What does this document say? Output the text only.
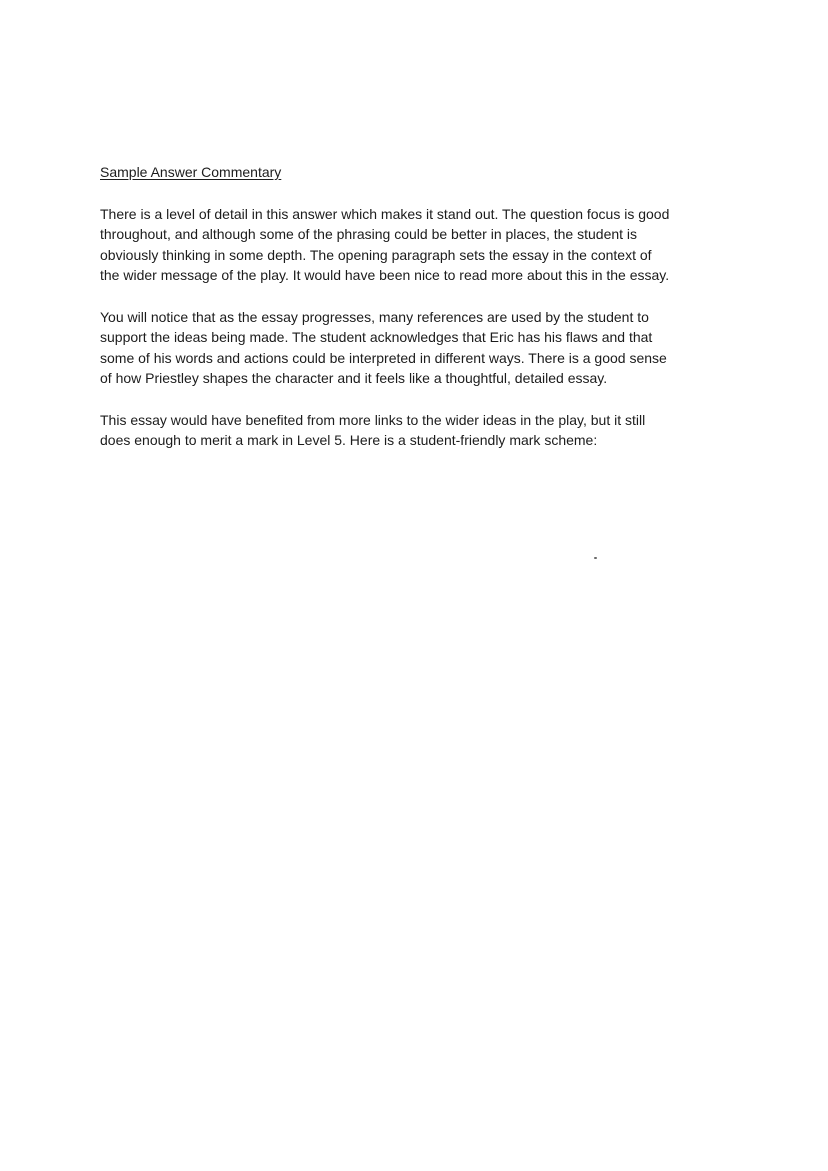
Sample Answer Commentary
There is a level of detail in this answer which makes it stand out. The question focus is good
throughout, and although some of the phrasing could be better in places, the student is
obviously thinking in some depth. The opening paragraph sets the essay in the context of
the wider message of the play. It would have been nice to read more about this in the essay.
You will notice that as the essay progresses, many references are used by the student to
support the ideas being made. The student acknowledges that Eric has his flaws and that
some of his words and actions could be interpreted in different ways. There is a good sense
of how Priestley shapes the character and it feels like a thoughtful, detailed essay.
This essay would have benefited from more links to the wider ideas in the play, but it still
does enough to merit a mark in Level 5. Here is a student-friendly mark scheme:
